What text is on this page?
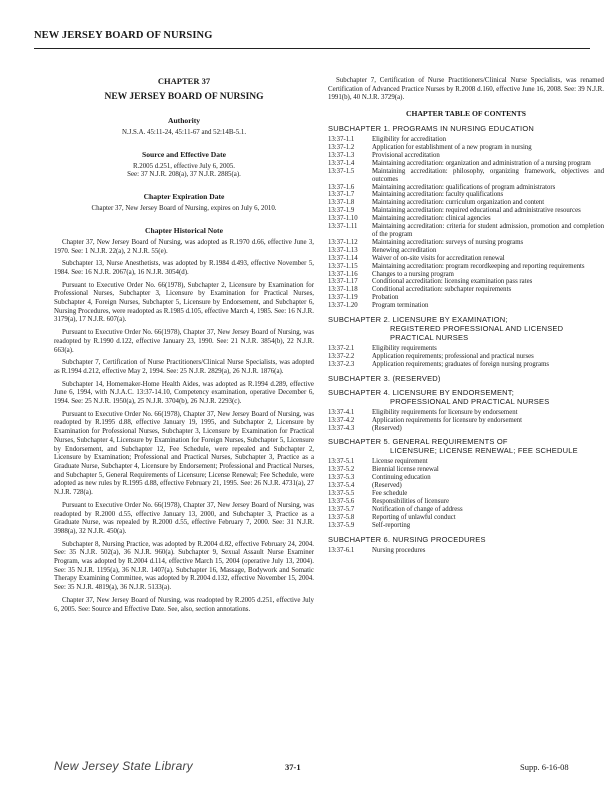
NEW JERSEY BOARD OF NURSING
CHAPTER 37
NEW JERSEY BOARD OF NURSING
Authority

N.J.S.A. 45:11-24, 45:11-67 and 52:14B-5.1.

Source and Effective Date

R.2005 d.251, effective July 6, 2005.
See: 37 N.J.R. 208(a), 37 N.J.R. 2885(a).

Chapter Expiration Date

Chapter 37, New Jersey Board of Nursing, expires on July 6, 2010.

Chapter Historical Note

Chapter 37, New Jersey Board of Nursing, was adopted as R.1970 d.66, effective June 3, 1970. See: 1 N.J.R. 22(a), 2 N.J.R. 55(e).

Subchapter 13, Nurse Anesthetists, was adopted by R.1984 d.493, effective November 5, 1984. See: 16 N.J.R. 2067(a), 16 N.J.R. 3054(d).

Pursuant to Executive Order No. 66(1978), Subchapter 2, Licensure by Examination for Professional Nurses, Subchapter 3, Licensure by Examination for Practical Nurses, Subchapter 4, Foreign Nurses, Subchapter 5, Licensure by Endorsement, and Subchapter 6, Nursing Procedures, were readopted as R.1985 d.105, effective March 4, 1985. See: 16 N.J.R. 3179(a), 17 N.J.R. 607(a).

Pursuant to Executive Order No. 66(1978), Chapter 37, New Jersey Board of Nursing, was readopted by R.1990 d.122, effective January 23, 1990. See: 21 N.J.R. 3854(b), 22 N.J.R. 663(a).

Subchapter 7, Certification of Nurse Practitioners/Clinical Nurse Specialists, was adopted as R.1994 d.212, effective May 2, 1994. See: 25 N.J.R. 2829(a), 26 N.J.R. 1876(a).

Subchapter 14, Homemaker-Home Health Aides, was adopted as R.1994 d.289, effective June 6, 1994, with N.J.A.C. 13:37-14.10, Competency examination, operative December 6, 1994. See: 25 N.J.R. 1950(a), 25 N.J.R. 3704(b), 26 N.J.R. 2293(c).

Pursuant to Executive Order No. 66(1978), Chapter 37, New Jersey Board of Nursing, was readopted by R.1995 d.88, effective January 19, 1995, and Subchapter 2, Licensure by Examination for Professional Nurses, Subchapter 3, Licensure by Examination for Practical Nurses, Subchapter 4, Licensure by Examination for Foreign Nurses, Subchapter 5, Licensure by Endorsement, and Subchapter 12, Fee Schedule, were repealed and Subchapter 2, Licensure by Examination; Professional and Practical Nurses, Subchapter 3, Practice as a Graduate Nurse, Subchapter 4, Licensure by Endorsement; Professional and Practical Nurses, and Subchapter 5, General Requirements of Licensure; License Renewal; Fee Schedule, were adopted as new rules by R.1995 d.88, effective February 21, 1995. See: 26 N.J.R. 4731(a), 27 N.J.R. 728(a).

Pursuant to Executive Order No. 66(1978), Chapter 37, New Jersey Board of Nursing, was readopted by R.2000 d.55, effective January 13, 2000, and Subchapter 3, Practice as a Graduate Nurse, was repealed by R.2000 d.55, effective February 7, 2000. See: 31 N.J.R. 3988(a), 32 N.J.R. 450(a).

Subchapter 8, Nursing Practice, was adopted by R.2004 d.82, effective February 24, 2004. See: 35 N.J.R. 502(a), 36 N.J.R. 960(a). Subchapter 9, Sexual Assault Nurse Examiner Program, was adopted by R.2004 d.114, effective March 15, 2004 (operative July 13, 2004). See: 35 N.J.R. 1195(a), 36 N.J.R. 1407(a). Subchapter 16, Massage, Bodywork and Somatic Therapy Examining Committee, was adopted by R.2004 d.132, effective November 15, 2004. See: 35 N.J.R. 4819(a), 36 N.J.R. 5133(a).

Chapter 37, New Jersey Board of Nursing, was readopted by R.2005 d.251, effective July 6, 2005. See: Source and Effective Date. See, also, section annotations.

Subchapter 7, Certification of Nurse Practitioners/Clinical Nurse Specialists, was renamed Certification of Advanced Practice Nurses by R.2008 d.160, effective June 16, 2008. See: 39 N.J.R. 1991(b), 40 N.J.R. 3729(a).

CHAPTER TABLE OF CONTENTS
SUBCHAPTER 1. PROGRAMS IN NURSING EDUCATION
13:37-1.1	Eligibility for accreditation
13:37-1.2	Application for establishment of a new program in nursing
13:37-1.3	Provisional accreditation
13:37-1.4	Maintaining accreditation: organization and administration of a nursing program
13:37-1.5	Maintaining accreditation: philosophy, organizing framework, objectives and outcomes
13:37-1.6	Maintaining accreditation: qualifications of program administrators
13:37-1.7	Maintaining accreditation: faculty qualifications
13:37-1.8	Maintaining accreditation: curriculum organization and content
13:37-1.9	Maintaining accreditation: required educational and administrative resources
13:37-1.10	Maintaining accreditation: clinical agencies
13:37-1.11	Maintaining accreditation: criteria for student admission, promotion and completion of the program
13:37-1.12	Maintaining accreditation: surveys of nursing programs
13:37-1.13	Renewing accreditation
13:37-1.14	Waiver of on-site visits for accreditation renewal
13:37-1.15	Maintaining accreditation: program recordkeeping and reporting requirements
13:37-1.16	Changes to a nursing program
13:37-1.17	Conditional accreditation: licensing examination pass rates
13:37-1.18	Conditional accreditation: subchapter requirements
13:37-1.19	Probation
13:37-1.20	Program termination
SUBCHAPTER 2. LICENSURE BY EXAMINATION;
REGISTERED PROFESSIONAL AND LICENSED PRACTICAL NURSES
13:37-2.1	Eligibility requirements
13:37-2.2	Application requirements; professional and practical nurses
13:37-2.3	Application requirements; graduates of foreign nursing programs
SUBCHAPTER 3. (RESERVED)
SUBCHAPTER 4. LICENSURE BY ENDORSEMENT;
PROFESSIONAL AND PRACTICAL NURSES
13:37-4.1	Eligibility requirements for licensure by endorsement
13:37-4.2	Application requirements for licensure by endorsement
13:37-4.3	(Reserved)
SUBCHAPTER 5. GENERAL REQUIREMENTS OF
LICENSURE; LICENSE RENEWAL; FEE SCHEDULE
13:37-5.1	License requirement
13:37-5.2	Biennial license renewal
13:37-5.3	Continuing education
13:37-5.4	(Reserved)
13:37-5.5	Fee schedule
13:37-5.6	Responsibilities of licensure
13:37-5.7	Notification of change of address
13:37-5.8	Reporting of unlawful conduct
13:37-5.9	Self-reporting
SUBCHAPTER 6. NURSING PROCEDURES
13:37-6.1	Nursing procedures
New Jersey State Library	37-1	Supp. 6-16-08
